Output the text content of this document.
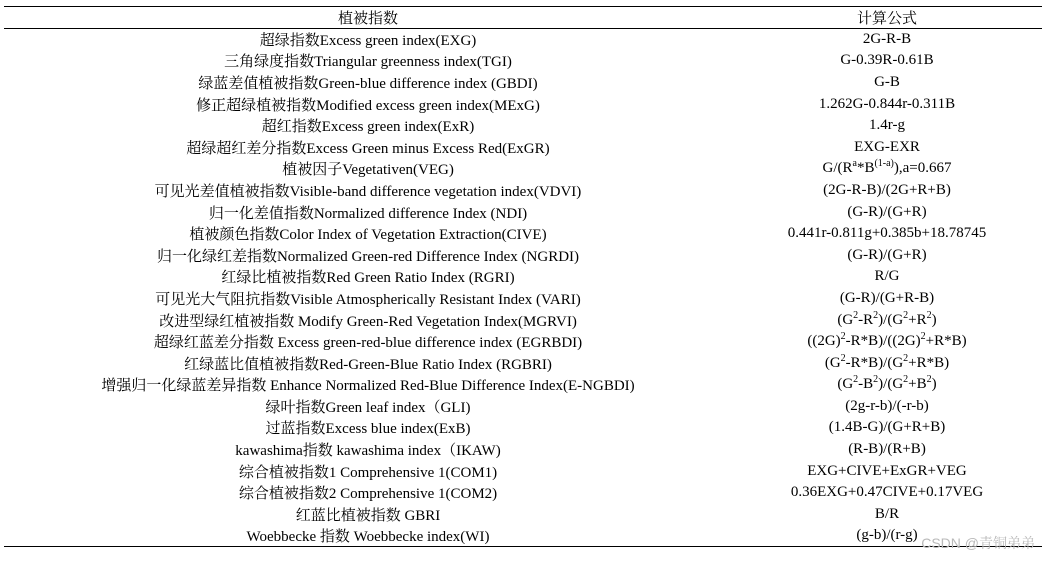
植被指数	计算公式
超绿指数Excess green index(EXG)	2G-R-B
三角绿度指数Triangular greenness index(TGI)	G-0.39R-0.61B
绿蓝差值植被指数Green-blue difference index (GBDI)	G-B
修正超绿植被指数Modified excess green index(MExG)	1.262G-0.844r-0.311B
超红指数Excess green index(ExR)	1.4r-g
超绿超红差分指数Excess Green minus Excess Red(ExGR)	EXG-EXR
植被因子Vegetativen(VEG)	$G/(R^a*B^{(1-a)}),a=0.667$
可见光差值植被指数Visible-band difference vegetation index(VDVI)	(2G-R-B)/(2G+R+B)
归一化差值指数Normalized difference Index (NDI)	(G-R)/(G+R)
植被颜色指数Color Index of Vegetation Extraction(CIVE)	0.441r-0.811g+0.385b+18.78745
归一化绿红差指数Normalized Green-red Difference Index (NGRDI)	(G-R)/(G+R)
红绿比植被指数Red Green Ratio Index (RGRI)	R/G
可见光大气阻抗指数Visible Atmospherically Resistant Index (VARI)	(G-R)/(G+R-B)
改进型绿红植被指数 Modify Green-Red Vegetation Index(MGRVI)	$(G^2-R^2)/(G^2+R^2)$
超绿红蓝差分指数 Excess green-red-blue difference index (EGRBDI)	$((2G)^2-R*B)/((2G)^2+R*B)$
红绿蓝比值植被指数Red-Green-Blue Ratio Index (RGBRI)	$(G^2-R*B)/(G^2+R*B)$
增强归一化绿蓝差异指数 Enhance Normalized Red-Blue Difference Index(E-NGBDI)	$(G^2-B^2)/(G^2+B^2)$
绿叶指数Green leaf index（GLI)	(2g-r-b)/(-r-b)
过蓝指数Excess blue index(ExB)	(1.4B-G)/(G+R+B)
kawashima指数 kawashima index（IKAW)	(R-B)/(R+B)
综合植被指数1 Comprehensive 1(COM1)	EXG+CIVE+ExGR+VEG
综合植被指数2 Comprehensive 1(COM2)	0.36EXG+0.47CIVE+0.17VEG
红蓝比植被指数 GBRI	B/R
Woebbecke 指数 Woebbecke index(WI)	(g-b)/(r-g) CSDN @青铜弟弟
